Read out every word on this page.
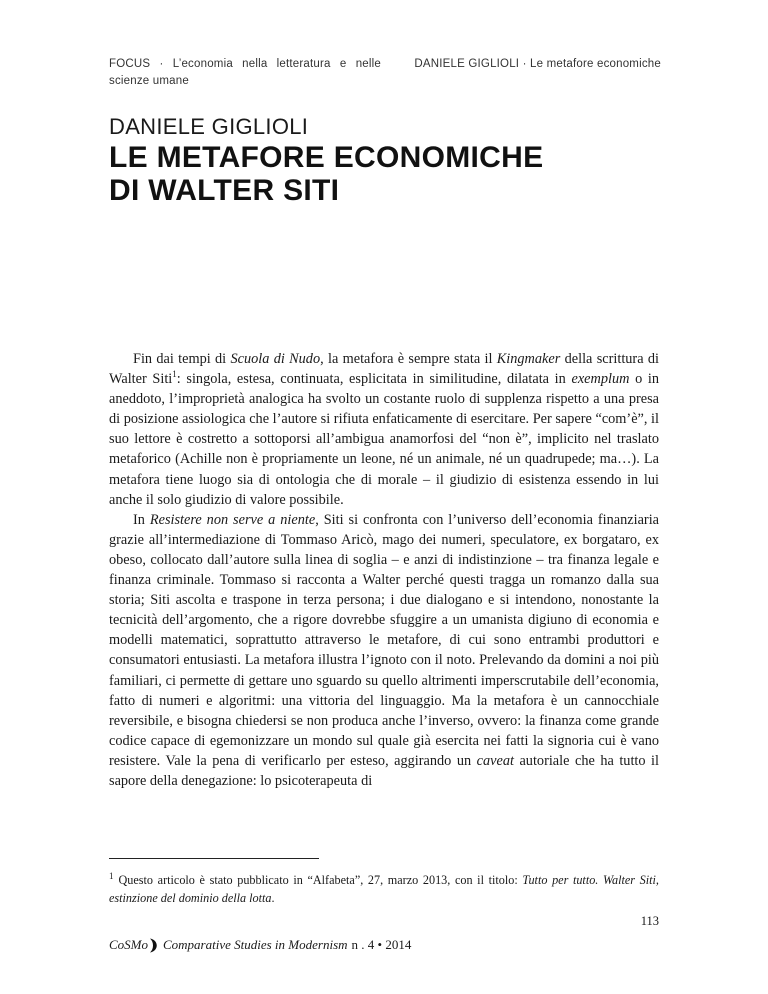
FOCUS · L’economia nella letteratura e nelle scienze umane
DANIELE GIGLIOLI · Le metafore economiche
DANIELE GIGLIOLI
LE METAFORE ECONOMICHE
DI WALTER SITI

Fin dai tempi di Scuola di Nudo, la metafora è sempre stata il Kingmaker della scrittura di Walter Siti$^1$: singola, estesa, continuata, esplicitata in similitudine, dilatata in exemplum o in aneddoto, l’improprietà analogica ha svolto un costante ruolo di supplenza rispetto a una presa di posizione assiologica che l’autore si rifiuta enfaticamente di esercitare. Per sapere “com’è”, il suo lettore è costretto a sottoporsi all’ambigua anamorfosi del “non è”, implicito nel traslato metaforico (Achille non è propriamente un leone, né un animale, né un quadrupede; ma…). La metafora tiene luogo sia di ontologia che di morale – il giudizio di esistenza essendo in lui anche il solo giudizio di valore possibile.

In Resistere non serve a niente, Siti si confronta con l’universo dell’economia finanziaria grazie all’intermediazione di Tommaso Aricò, mago dei numeri, speculatore, ex borgataro, ex obeso, collocato dall’autore sulla linea di soglia – e anzi di indistinzione – tra finanza legale e finanza criminale. Tommaso si racconta a Walter perché questi tragga un romanzo dalla sua storia; Siti ascolta e traspone in terza persona; i due dialogano e si intendono, nonostante la tecnicità dell’argomento, che a rigore dovrebbe sfuggire a un umanista digiuno di economia e modelli matematici, soprattutto attraverso le metafore, di cui sono entrambi produttori e consumatori entusiasti. La metafora illustra l’ignoto con il noto. Prelevando da domini a noi più familiari, ci permette di gettare uno sguardo su quello altrimenti imperscrutabile dell’economia, fatto di numeri e algoritmi: una vittoria del linguaggio. Ma la metafora è un cannocchiale reversibile, e bisogna chiedersi se non produca anche l’inverso, ovvero: la finanza come grande codice capace di egemonizzare un mondo sul quale già esercita nei fatti la signoria cui è vano resistere. Vale la pena di verificarlo per esteso, aggirando un caveat autoriale che ha tutto il sapore della denegazione: lo psicoterapeuta di

$^1$ Questo articolo è stato pubblicato in “Alfabeta”, 27, marzo 2013, con il titolo: Tutto per tutto. Walter Siti, estinzione del dominio della lotta.
113
CoSMo Comparative Studies in Modernism n . 4 • 2014
